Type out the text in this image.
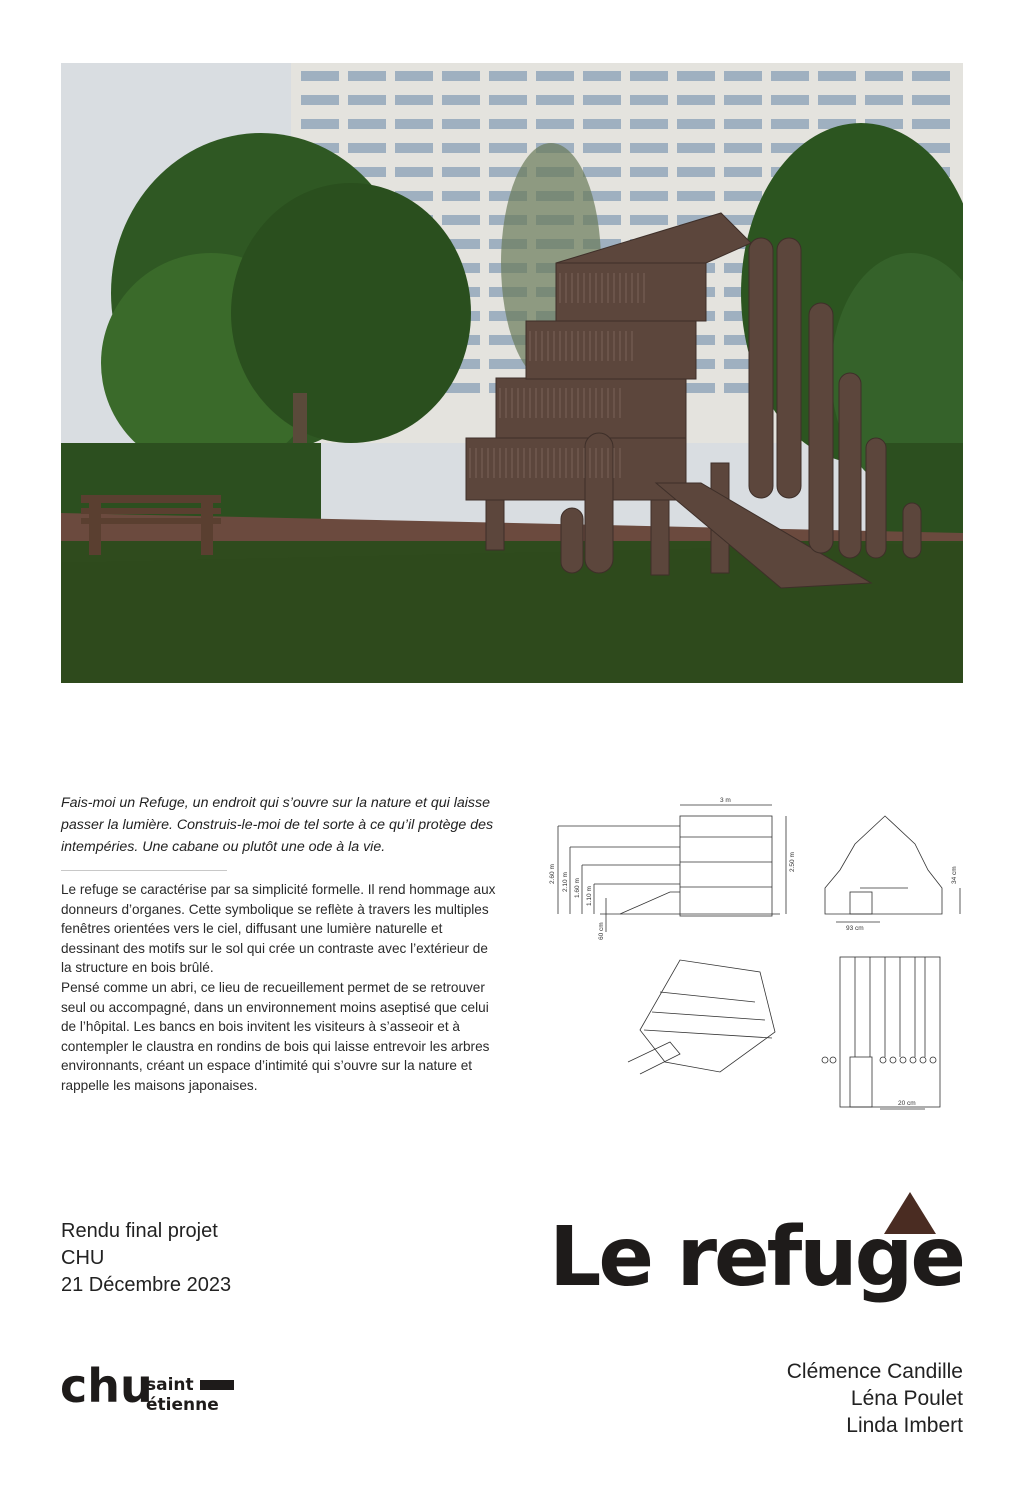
Fais-moi un Refuge, un endroit qui s’ouvre sur la nature et qui laisse passer la lumière. Construis-le-moi de tel sorte à ce qu’il protège des intempéries. Une cabane ou plutôt une ode à la vie.

Le refuge se caractérise par sa simplicité formelle. Il rend hommage aux donneurs d’organes. Cette symbolique se reflète à travers les multiples fenêtres orientées vers le ciel, diffusant une lumière naturelle et dessinant des motifs sur le sol qui crée un contraste avec l’extérieur de la structure en bois brûlé.

Pensé comme un abri, ce lieu de recueillement permet de se retrouver seul ou accompagné, dans un environnement moins aseptisé que celui de l’hôpital. Les bancs en bois invitent les visiteurs à s’asseoir et à contempler le claustra en rondins de bois qui laisse entrevoir les arbres environnants, créant un espace d’intimité qui s’ouvre sur la nature et rappelle les maisons japonaises.

3 m
2.60 m 2.10 m 1.60 m 1.10 m
60 cm
2.50 m
93 cm
34 cm
20 cm
Rendu final projet
CHU
21 Décembre 2023	Le refuge
Clémence Candille
Léna Poulet
Linda Imbert
chu
saint
étienne
